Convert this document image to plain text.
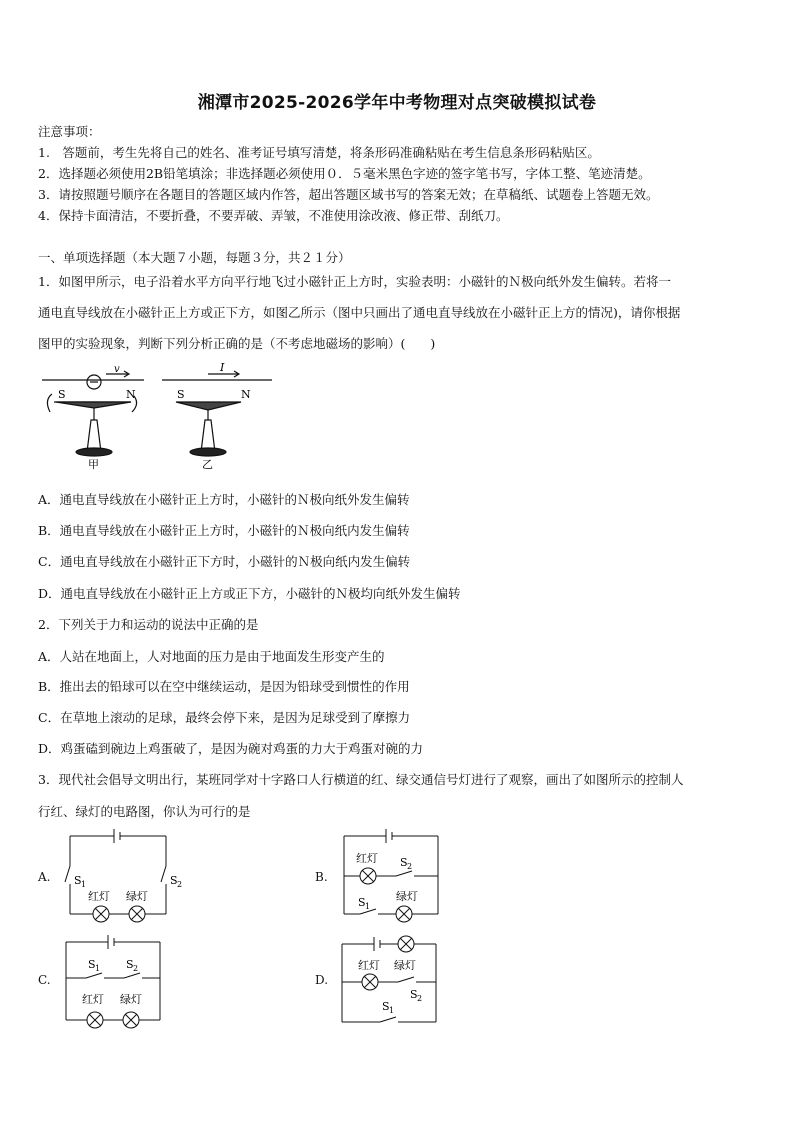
湘潭市2025-2026学年中考物理对点突破模拟试卷
注意事项：
1.　答题前，考生先将自己的姓名、准考证号填写清楚，将条形码准确粘贴在考生信息条形码粘贴区。
2．选择题必须使用2B铅笔填涂；非选择题必须使用０．５毫米黑色字迹的签字笔书写，字体工整、笔迹清楚。
3．请按照题号顺序在各题目的答题区域内作答，超出答题区域书写的答案无效；在草稿纸、试题卷上答题无效。
4．保持卡面清洁，不要折叠，不要弄破、弄皱，不准使用涂改液、修正带、刮纸刀。
一、单项选择题（本大题７小题，每题３分，共２１分）
1．如图甲所示，电子沿着水平方向平行地飞过小磁针正上方时，实验表明：小磁针的Ｎ极向纸外发生偏转。若将一
通电直导线放在小磁针正上方或正下方，如图乙所示（图中只画出了通电直导线放在小磁针正上方的情况)，请你根据
图甲的实验现象，判断下列分析正确的是（不考虑地磁场的影响）(　　)
v	I
S	N	S	N
甲	乙
A．通电直导线放在小磁针正上方时，小磁针的Ｎ极向纸外发生偏转
B．通电直导线放在小磁针正上方时，小磁针的Ｎ极向纸内发生偏转
C．通电直导线放在小磁针正下方时，小磁针的Ｎ极向纸内发生偏转
D．通电直导线放在小磁针正上方或正下方，小磁针的Ｎ极均向纸外发生偏转
2．下列关于力和运动的说法中正确的是
A．人站在地面上，人对地面的压力是由于地面发生形变产生的
B．推出去的铅球可以在空中继续运动，是因为铅球受到惯性的作用
C．在草地上滚动的足球，最终会停下来，是因为足球受到了摩擦力
D．鸡蛋磕到碗边上鸡蛋破了，是因为碗对鸡蛋的力大于鸡蛋对碗的力
3．现代社会倡导文明出行，某班同学对十字路口人行横道的红、绿交通信号灯进行了观察，画出了如图所示的控制人
行红、绿灯的电路图，你认为可行的是
A. S 1	S 2
红灯 绿灯
B.
红灯 S 2
S 1
绿灯
C.
S 1 S 2
红灯 绿灯
D.
红灯 绿灯
S 2
S 1
